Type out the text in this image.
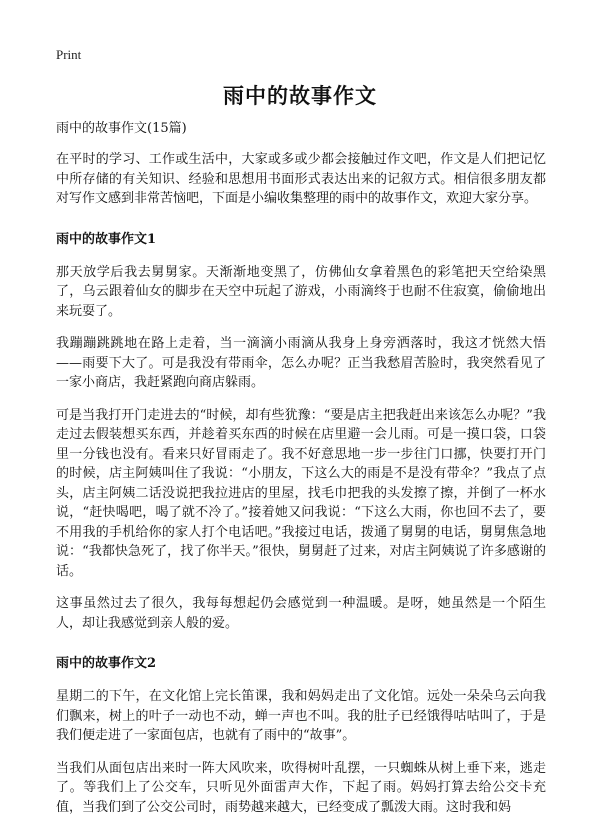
Print
雨中的故事作文
雨中的故事作文(15篇)

在平时的学习、工作或生活中，大家或多或少都会接触过作文吧，作文是人们把记忆中所存储的有关知识、经验和思想用书面形式表达出来的记叙方式。相信很多朋友都对写作文感到非常苦恼吧，下面是小编收集整理的雨中的故事作文，欢迎大家分享。

雨中的故事作文1

那天放学后我去舅舅家。天渐渐地变黑了，仿佛仙女拿着黑色的彩笔把天空给染黑了，乌云跟着仙女的脚步在天空中玩起了游戏，小雨滴终于也耐不住寂寞，偷偷地出来玩耍了。

我蹦蹦跳跳地在路上走着，当一滴滴小雨滴从我身上身旁洒落时，我这才恍然大悟——雨要下大了。可是我没有带雨伞，怎么办呢？正当我愁眉苦脸时，我突然看见了一家小商店，我赶紧跑向商店躲雨。

可是当我打开门走进去的“时候，却有些犹豫：“要是店主把我赶出来该怎么办呢？”我走过去假装想买东西，并趁着买东西的时候在店里避一会儿雨。可是一摸口袋，口袋里一分钱也没有。看来只好冒雨走了。我不好意思地一步一步往门口挪，快要打开门的时候，店主阿姨叫住了我说：“小朋友，下这么大的雨是不是没有带伞？”我点了点头，店主阿姨二话没说把我拉进店的里屋，找毛巾把我的头发擦了擦，并倒了一杯水说，“赶快喝吧，喝了就不冷了。”接着她又问我说：“下这么大雨，你也回不去了，要不用我的手机给你的家人打个电话吧。”我接过电话，拨通了舅舅的电话，舅舅焦急地说：“我都快急死了，找了你半天。”很快，舅舅赶了过来，对店主阿姨说了许多感谢的话。

这事虽然过去了很久，我每每想起仍会感觉到一种温暖。是呀，她虽然是一个陌生人，却让我感觉到亲人般的爱。

雨中的故事作文2

星期二的下午，在文化馆上完长笛课，我和妈妈走出了文化馆。远处一朵朵乌云向我们飘来，树上的叶子一动也不动，蝉一声也不叫。我的肚子已经饿得咕咕叫了，于是我们便走进了一家面包店，也就有了雨中的“故事”。

当我们从面包店出来时一阵大风吹来，吹得树叶乱摆，一只蜘蛛从树上垂下来，逃走了。等我们上了公交车，只听见外面雷声大作，下起了雨。妈妈打算去给公交卡充值，当我们到了公交公司时，雨势越来越大，已经变成了瓢泼大雨。这时我和妈
